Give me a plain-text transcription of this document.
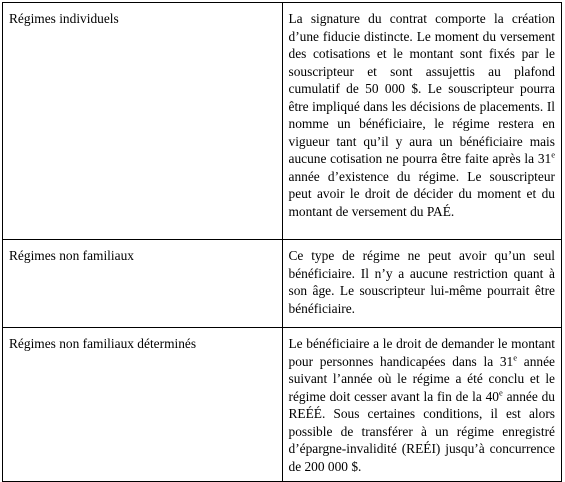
Régimes individuels	La signature du contrat comporte la création d’une fiducie distincte. Le moment du versement des cotisations et le montant sont fixés par le souscripteur et sont assujettis au plafond cumulatif de 50 000 $. Le souscripteur pourra être impliqué dans les décisions de placements. Il nomme un bénéficiaire, le régime restera en vigueur tant qu’il y aura un bénéficiaire mais aucune cotisation ne pourra être faite après la 31e année d’existence du régime. Le souscripteur peut avoir le droit de décider du moment et du montant de versement du PAÉ.
Régimes non familiaux	Ce type de régime ne peut avoir qu’un seul bénéficiaire. Il n’y a aucune restriction quant à son âge. Le souscripteur lui-même pourrait être bénéficiaire.
Régimes non familiaux déterminés	Le bénéficiaire a le droit de demander le montant pour personnes handicapées dans la 31e année suivant l’année où le régime a été conclu et le régime doit cesser avant la fin de la 40e année du REÉÉ. Sous certaines conditions, il est alors possible de transférer à un régime enregistré d’épargne-invalidité (REÉI) jusqu’à concurrence de 200 000 $.
